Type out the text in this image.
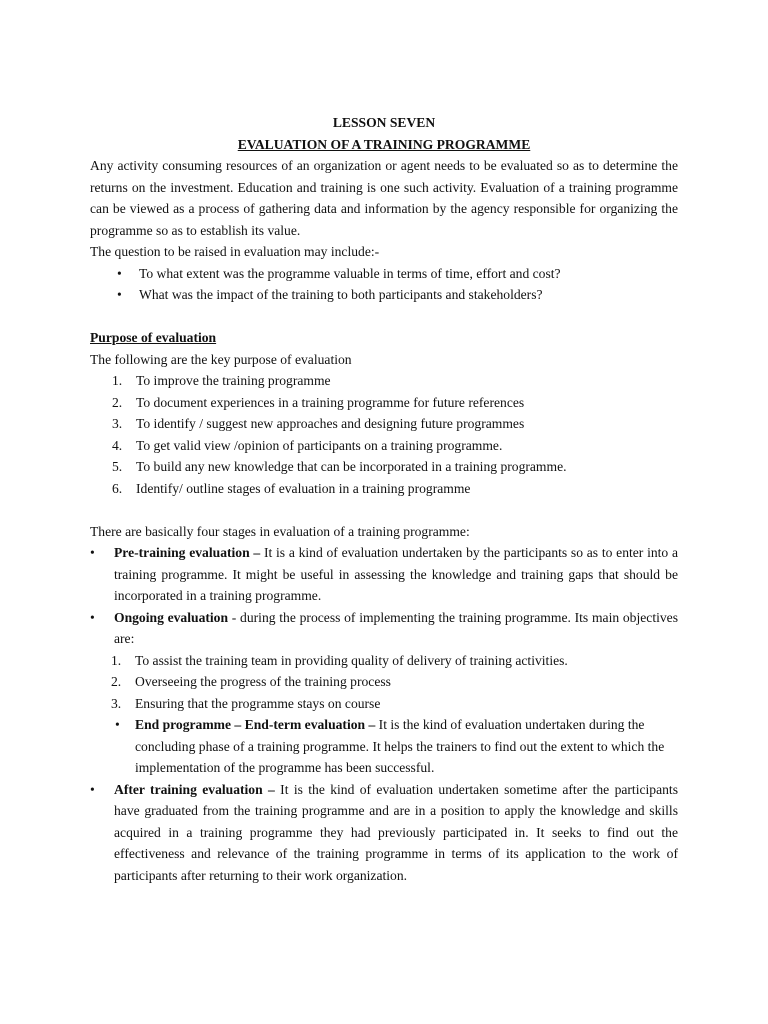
LESSON SEVEN

EVALUATION OF A TRAINING PROGRAMME

Any activity consuming resources of an organization or agent needs to be evaluated so as to determine the returns on the investment. Education and training is one such activity. Evaluation of a training programme can be viewed as a process of gathering data and information by the agency responsible for organizing the programme so as to establish its value.

The question to be raised in evaluation may include:-

• To what extent was the programme valuable in terms of time, effort and cost?
• What was the impact of the training to both participants and stakeholders?

Purpose of evaluation

The following are the key purpose of evaluation

1. To improve the training programme
2. To document experiences in a training programme for future references
3. To identify / suggest new approaches and designing future programmes
4. To get valid view /opinion of participants on a training programme.
5. To build any new knowledge that can be incorporated in a training programme.
6. Identify/ outline stages of evaluation in a training programme

There are basically four stages in evaluation of a training programme:

• Pre-training evaluation – It is a kind of evaluation undertaken by the participants so as to enter into a training programme. It might be useful in assessing the knowledge and training gaps that should be incorporated in a training programme.
• Ongoing evaluation - during the process of implementing the training programme. Its main objectives are:
1. To assist the training team in providing quality of delivery of training activities.
2. Overseeing the progress of the training process
3. Ensuring that the programme stays on course
• End programme – End-term evaluation – It is the kind of evaluation undertaken during the concluding phase of a training programme. It helps the trainers to find out the extent to which the implementation of the programme has been successful.
• After training evaluation – It is the kind of evaluation undertaken sometime after the participants have graduated from the training programme and are in a position to apply the knowledge and skills acquired in a training programme they had previously participated in. It seeks to find out the effectiveness and relevance of the training programme in terms of its application to the work of participants after returning to their work organization.
